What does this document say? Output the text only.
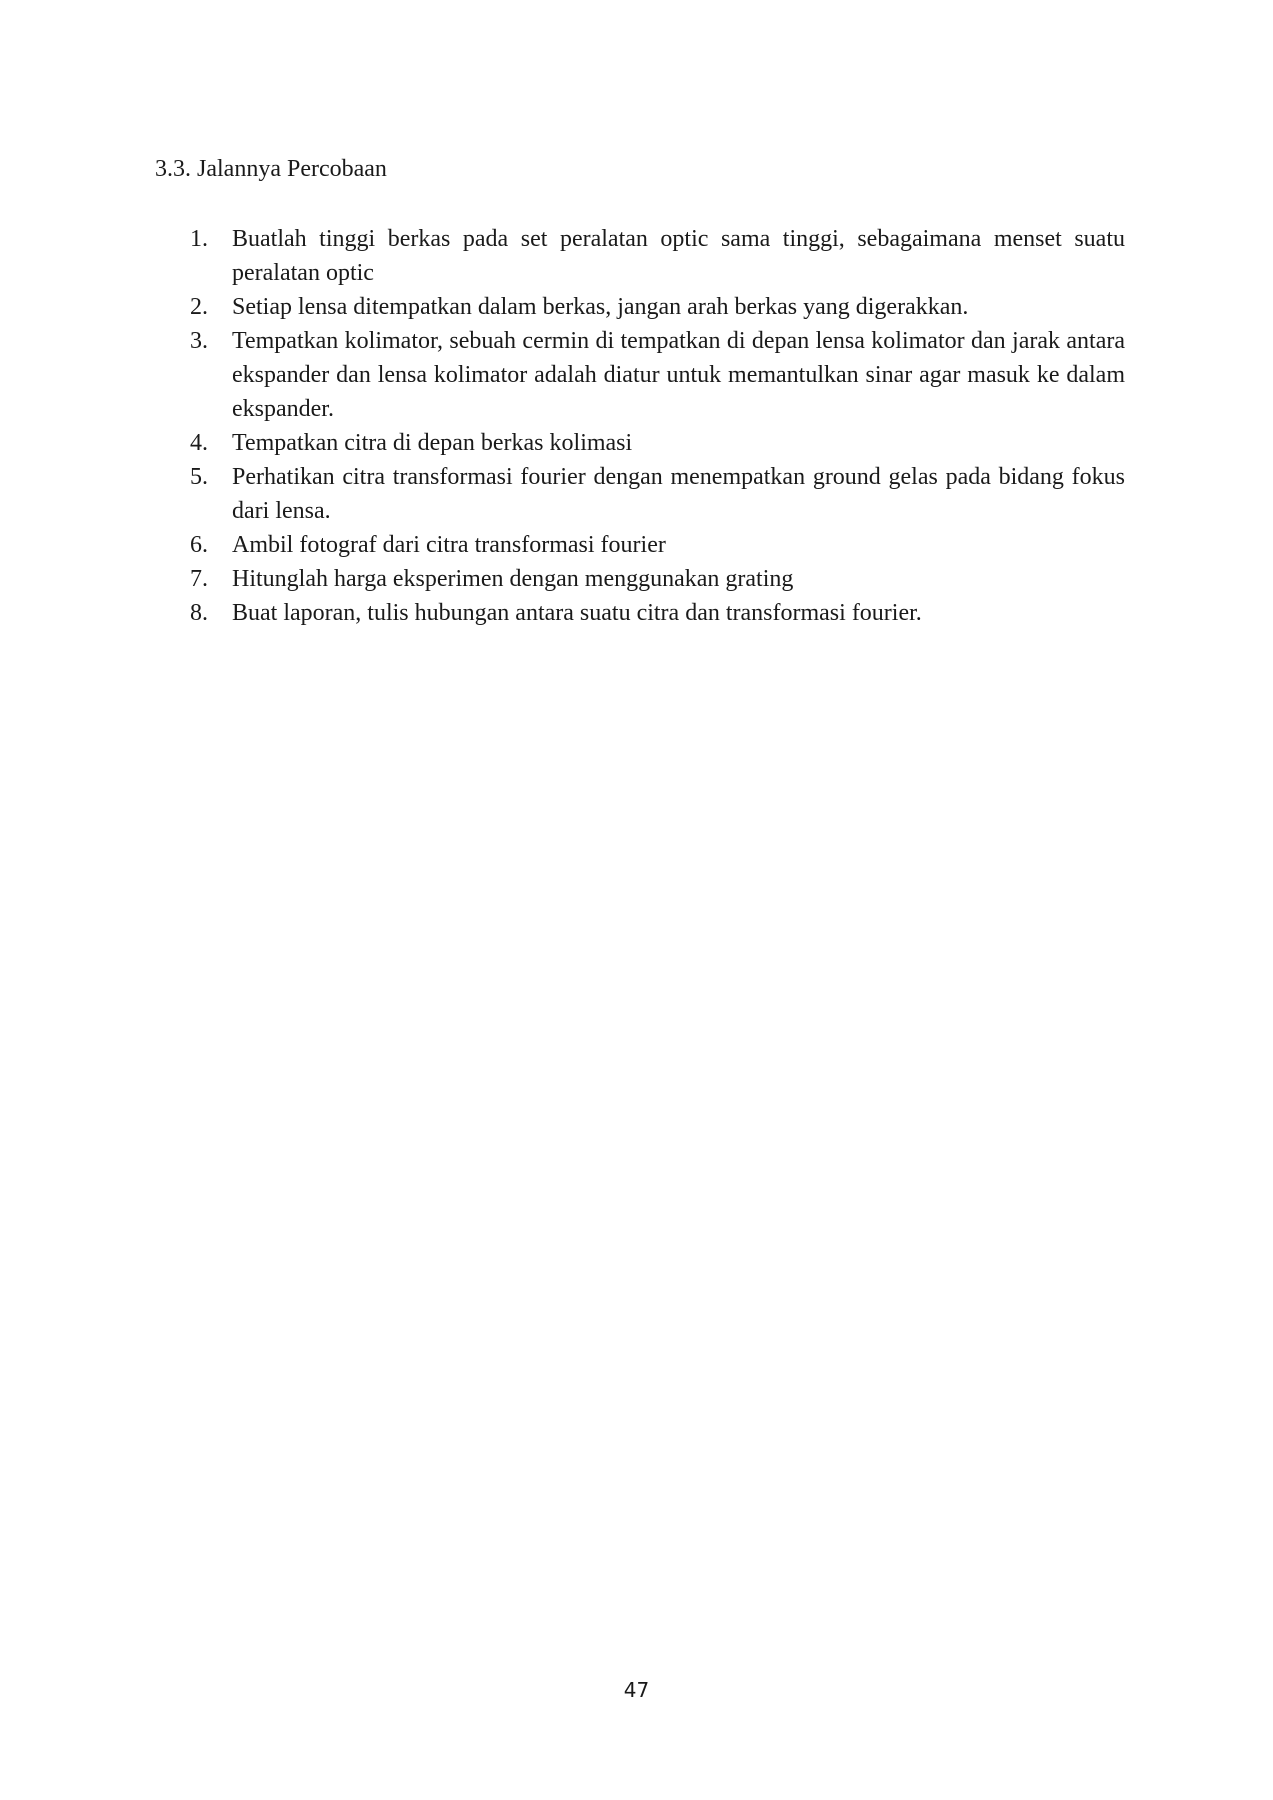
3.3. Jalannya Percobaan
1. Buatlah tinggi berkas pada set peralatan optic sama tinggi, sebagaimana menset suatu peralatan optic
2. Setiap lensa ditempatkan dalam berkas, jangan arah berkas yang digerakkan.
3. Tempatkan kolimator, sebuah cermin di tempatkan di depan lensa kolimator dan jarak antara ekspander dan lensa kolimator adalah diatur untuk memantulkan sinar agar masuk ke dalam ekspander.
4. Tempatkan citra di depan berkas kolimasi
5. Perhatikan citra transformasi fourier dengan menempatkan ground gelas pada bidang fokus dari lensa.
6. Ambil fotograf dari citra transformasi fourier
7. Hitunglah harga eksperimen dengan menggunakan grating
8. Buat laporan, tulis hubungan antara suatu citra dan transformasi fourier.

47
